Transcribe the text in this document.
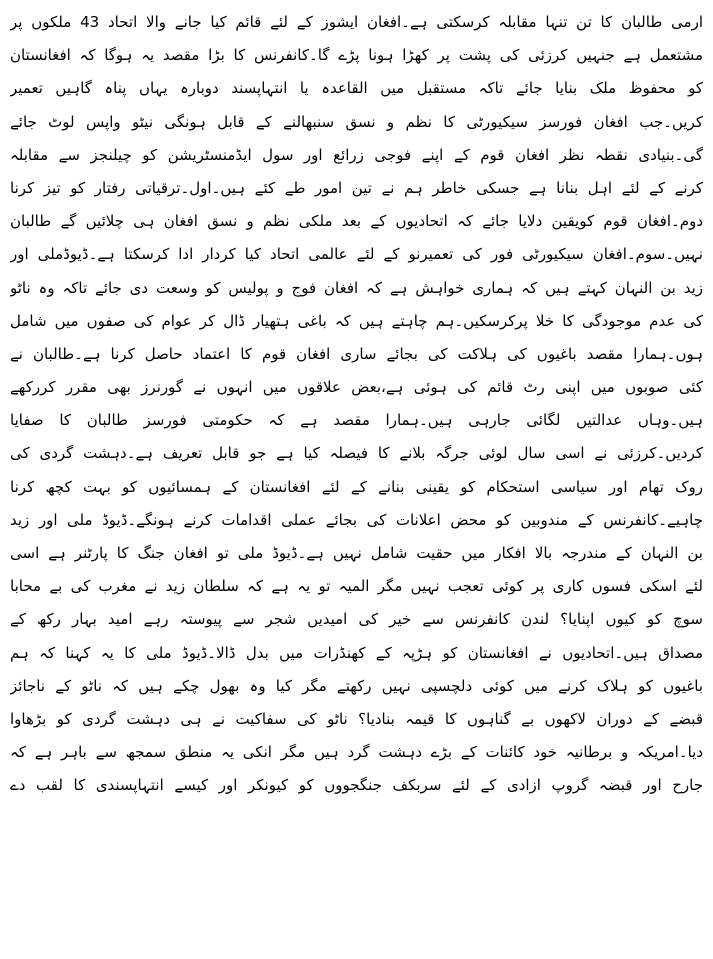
ارمی طالبان کا تن تنہا مقابلہ کرسکتی ہے۔افغان ایشوز کے لئے قائم کیا جانے والا اتحاد 43 ملکوں پر
مشتعمل ہے جنہیں کرزئی کی پشت پر کھڑا ہونا پڑے گا۔کانفرنس کا بڑا مقصد یہ ہوگا کہ افغانستان
کو محفوظ ملک بنایا جائے تاکہ مستقبل میں القاعدہ یا انتہاپسند دوبارہ یہاں پناہ گاہیں تعمیر
کریں۔جب افغان فورسز سیکیورٹی کا نظم و نسق سنبھالنے کے قابل ہونگی نیٹو واپس لوٹ جائے
گی۔بنیادی نقطہ نظر افغان قوم کے اپنے فوجی زرائع اور سول ایڈمنسٹریشن کو چیلنجز سے مقابلہ
کرنے کے لئے اہل بنانا ہے جسکی خاطر ہم نے تین امور طے کئے ہیں۔اول۔ترقیاتی رفتار کو تیز کرنا
دوم۔افغان قوم کویقین دلایا جائے کہ اتحادیوں کے بعد ملکی نظم و نسق افغان ہی چلائیں گے طالبان
نہیں۔سوم۔افغان سیکیورٹی فور کی تعمیرنو کے لئے عالمی اتحاد کیا کردار ادا کرسکتا ہے۔ڈیوڈملی اور
زید بن النہان کہتے ہیں کہ ہماری خواہش ہے کہ افغان فوج و پولیس کو وسعت دی جائے تاکہ وہ ناٹو
کی عدم موجودگی کا خلا پرکرسکیں۔ہم چاہتے ہیں کہ باغی ہتھیار ڈال کر عوام کی صفوں میں شامل
ہوں۔ہمارا مقصد باغیوں کی ہلاکت کی بجائے ساری افغان قوم کا اعتماد حاصل کرنا ہے۔طالبان نے
کئی صوبوں میں اپنی رٹ قائم کی ہوئی ہے،بعض علاقوں میں انہوں نے گورنرز بھی مقرر کررکھے
ہیں۔وہاں عدالتیں لگائی جارہی ہیں۔ہمارا مقصد ہے کہ حکومتی فورسز طالبان کا صفایا
کردیں۔کرزئی نے اسی سال لوئی جرگہ بلانے کا فیصلہ کیا ہے جو قابل تعریف ہے۔دہشت گردی کی
روک تھام اور سیاسی استحکام کو یقینی بنانے کے لئے افغانستان کے ہمسائیوں کو بہت کچھ کرنا
چاہیے۔کانفرنس کے مندوبین کو محض اعلانات کی بجائے عملی اقدامات کرنے ہونگے۔ڈیوڈ ملی اور زید
بن النہان کے مندرجہ بالا افکار میں حقیت شامل نہیں ہے۔ڈیوڈ ملی تو افغان جنگ کا پارٹنر ہے اسی
لئے اسکی فسوں کاری پر کوئی تعجب نہیں مگر المیہ تو یہ ہے کہ سلطان زید نے مغرب کی بے محابا
سوچ کو کیوں اپنایا؟ لندن کانفرنس سے خیر کی امیدیں شجر سے پیوستہ رہے امید بہار رکھ کے
مصداق ہیں۔اتحادیوں نے افغانستان کو ہڑپہ کے کھنڈرات میں بدل ڈالا۔ڈیوڈ ملی کا یہ کہنا کہ ہم
باغیوں کو ہلاک کرنے میں کوئی دلچسپی نہیں رکھتے مگر کیا وہ بھول چکے ہیں کہ ناٹو کے ناجائز
قبضے کے دوران لاکھوں بے گناہوں کا قیمہ بنادیا؟ ناٹو کی سفاکیت نے ہی دہشت گردی کو بڑھاوا
دیا۔امریکہ و برطانیہ خود کائنات کے بڑے دہشت گرد ہیں مگر انکی یہ منطق سمجھ سے باہر ہے کہ
جارح اور قبضہ گروپ ازادی کے لئے سربکف جنگجووں کو کیونکر اور کیسے انتہاپسندی کا لقب دے
